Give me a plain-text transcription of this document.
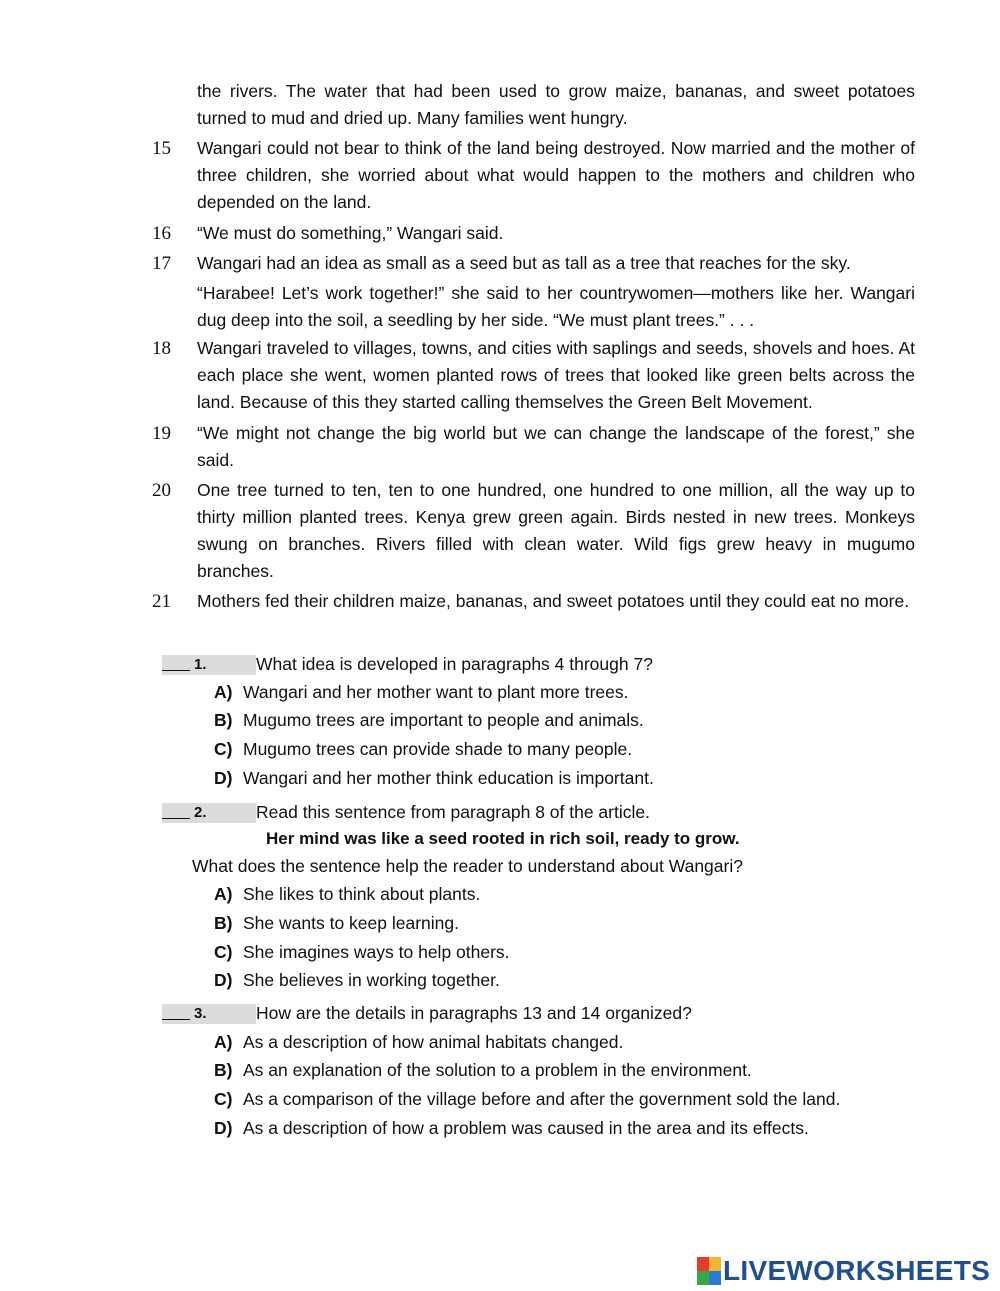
the rivers. The water that had been used to grow maize, bananas, and sweet potatoes turned to mud and dried up. Many families went hungry.

15	Wangari could not bear to think of the land being destroyed. Now married and the mother of three children, she worried about what would happen to the mothers and children who depended on the land.

16	“We must do something,” Wangari said.

17	Wangari had an idea as small as a seed but as tall as a tree that reaches for the sky.

“Harabee! Let’s work together!” she said to her countrywomen—mothers like her. Wangari dug deep into the soil, a seedling by her side. “We must plant trees.” . . .

18	Wangari traveled to villages, towns, and cities with saplings and seeds, shovels and hoes. At each place she went, women planted rows of trees that looked like green belts across the land. Because of this they started calling themselves the Green Belt Movement.

19	“We might not change the big world but we can change the landscape of the forest,” she said.

20	One tree turned to ten, ten to one hundred, one hundred to one million, all the way up to thirty million planted trees. Kenya grew green again. Birds nested in new trees. Monkeys swung on branches. Rivers filled with clean water. Wild figs grew heavy in mugumo branches.

21	Mothers fed their children maize, bananas, and sweet potatoes until they could eat no more.

1.	What idea is developed in paragraphs 4 through 7?
A) Wangari and her mother want to plant more trees.
B) Mugumo trees are important to people and animals.
C) Mugumo trees can provide shade to many people.
D) Wangari and her mother think education is important.
2.	Read this sentence from paragraph 8 of the article.
Her mind was like a seed rooted in rich soil, ready to grow.
What does the sentence help the reader to understand about Wangari?
A) She likes to think about plants.
B) She wants to keep learning.
C) She imagines ways to help others.
D) She believes in working together.
3.	How are the details in paragraphs 13 and 14 organized?
A) As a description of how animal habitats changed.
B) As an explanation of the solution to a problem in the environment.
C) As a comparison of the village before and after the government sold the land.
D) As a description of how a problem was caused in the area and its effects.
LIVEWORKSHEETS
